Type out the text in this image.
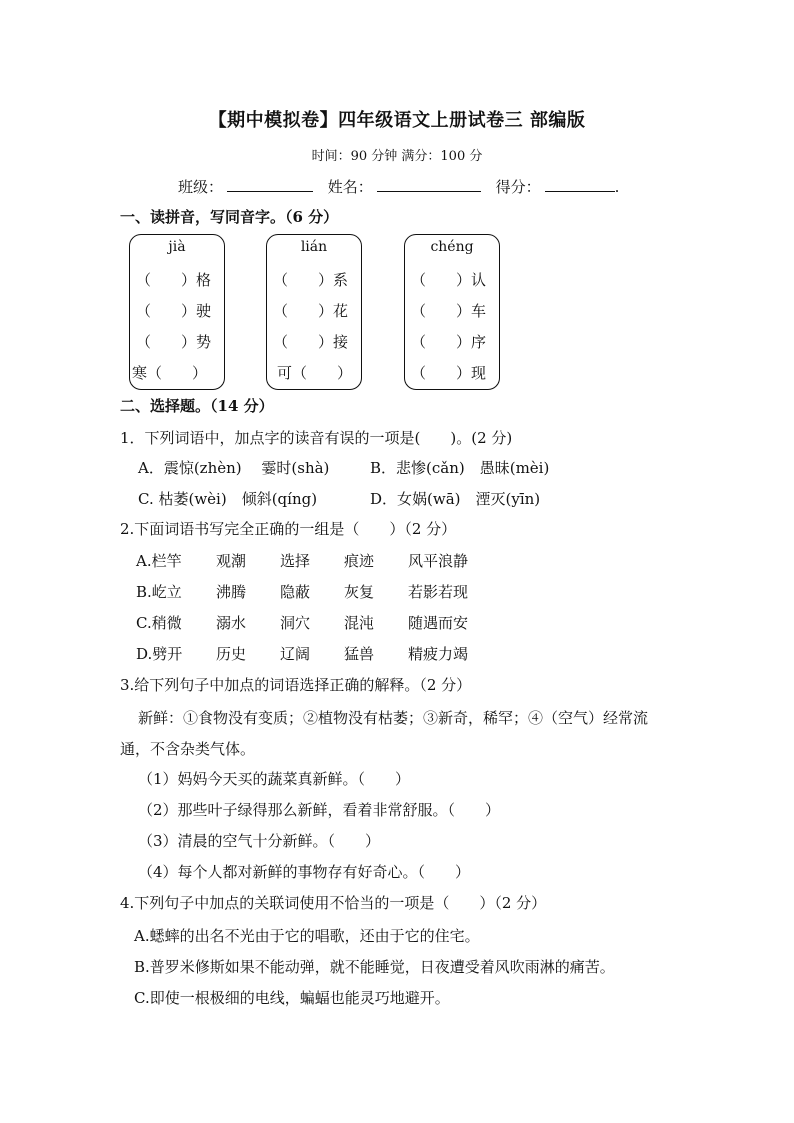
【期中模拟卷】四年级语文上册试卷三 部编版
时间：90 分钟 满分：100 分
班级：	姓名：	得分：	.
一、读拼音，写同音字。（6 分）
jià
（　　）格
（　　）驶
（　　）势
寒（　　）
lián
（　　）系
（　　）花
（　　）接
可（　　）
chéng
（　　）认
（　　）车
（　　）序
（　　）现
二、选择题。（14 分）
1．下列词语中，加点字的读音有误的一项是(　　)。(2 分)
A．震惊(zhèn)　 霎时(shà)	B．悲惨(cǎn)　愚昧(mèi)
C. 枯萎(wèi)　倾斜(qíng)	D．女娲(wā)　湮灭(yīn)
2.下面词语书写完全正确的一组是（　　）（2 分）
A.栏竿 观潮 选择 痕迹 风平浪静
B.屹立 沸腾 隐蔽 灰复 若影若现
C.稍微 溺水 洞穴 混沌 随遇而安
D.劈开 历史 辽阔 猛兽 精疲力竭
3.给下列句子中加点的词语选择正确的解释。（2 分）
新鲜：①食物没有变质；②植物没有枯萎；③新奇，稀罕；④（空气）经常流
通，不含杂类气体。
（1）妈妈今天买的蔬菜真新鲜。（　　）
（2）那些叶子绿得那么新鲜，看着非常舒服。（　　）
（3）清晨的空气十分新鲜。（　　）
（4）每个人都对新鲜的事物存有好奇心。（　　）
4.下列句子中加点的关联词使用不恰当的一项是（　　）（2 分）
A.蟋蟀的出名不光由于它的唱歌，还由于它的住宅。
B.普罗米修斯如果不能动弹，就不能睡觉，日夜遭受着风吹雨淋的痛苦。
C.即使一根极细的电线，蝙蝠也能灵巧地避开。
